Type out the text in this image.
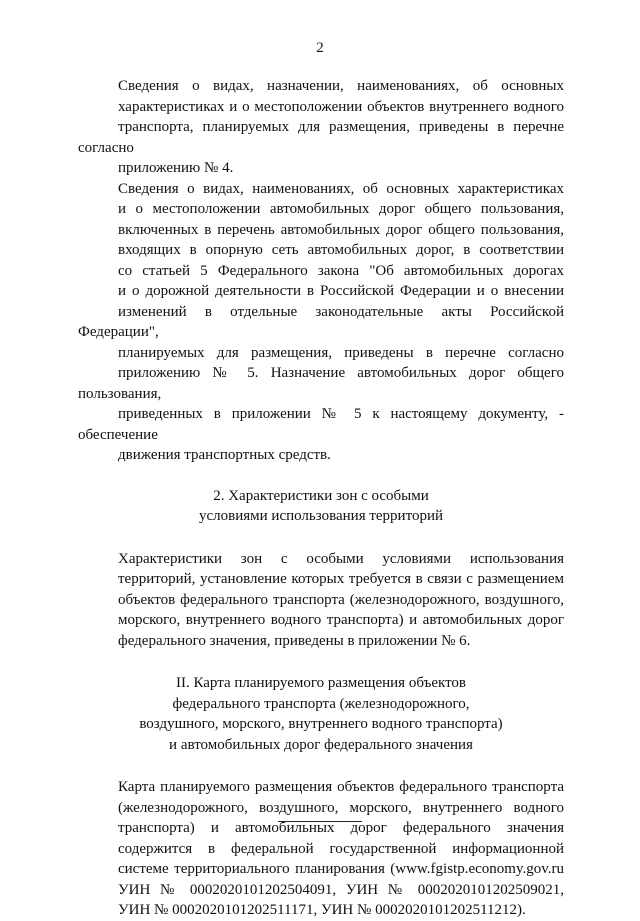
2

Сведения о видах, назначении, наименованиях, об основных
характеристиках и о местоположении объектов внутреннего водного
транспорта, планируемых для размещения, приведены в перечне согласно
приложению № 4.

Сведения о видах, наименованиях, об основных характеристиках
и о местоположении автомобильных дорог общего пользования,
включенных в перечень автомобильных дорог общего пользования,
входящих в опорную сеть автомобильных дорог, в соответствии
со статьей 5 Федерального закона "Об автомобильных дорогах
и о дорожной деятельности в Российской Федерации и о внесении
изменений в отдельные законодательные акты Российской Федерации",
планируемых для размещения, приведены в перечне согласно
приложению № 5. Назначение автомобильных дорог общего пользования,
приведенных в приложении № 5 к настоящему документу, - обеспечение
движения транспортных средств.

2. Характеристики зон с особыми
условиями использования территорий

Характеристики зон с особыми условиями использования
территорий, установление которых требуется в связи с размещением
объектов федерального транспорта (железнодорожного, воздушного,
морского, внутреннего водного транспорта) и автомобильных дорог
федерального значения, приведены в приложении № 6.

II. Карта планируемого размещения объектов
федерального транспорта (железнодорожного,
воздушного, морского, внутреннего водного транспорта)
и автомобильных дорог федерального значения

Карта планируемого размещения объектов федерального транспорта
(железнодорожного, воздушного, морского, внутреннего водного
транспорта) и автомобильных дорог федерального значения
содержится в федеральной государственной информационной
системе территориального планирования (www.fgistp.economy.gov.ru
УИН № 0002020101202504091, УИН № 0002020101202509021,
УИН № 0002020101202511171, УИН № 0002020101202511212).
